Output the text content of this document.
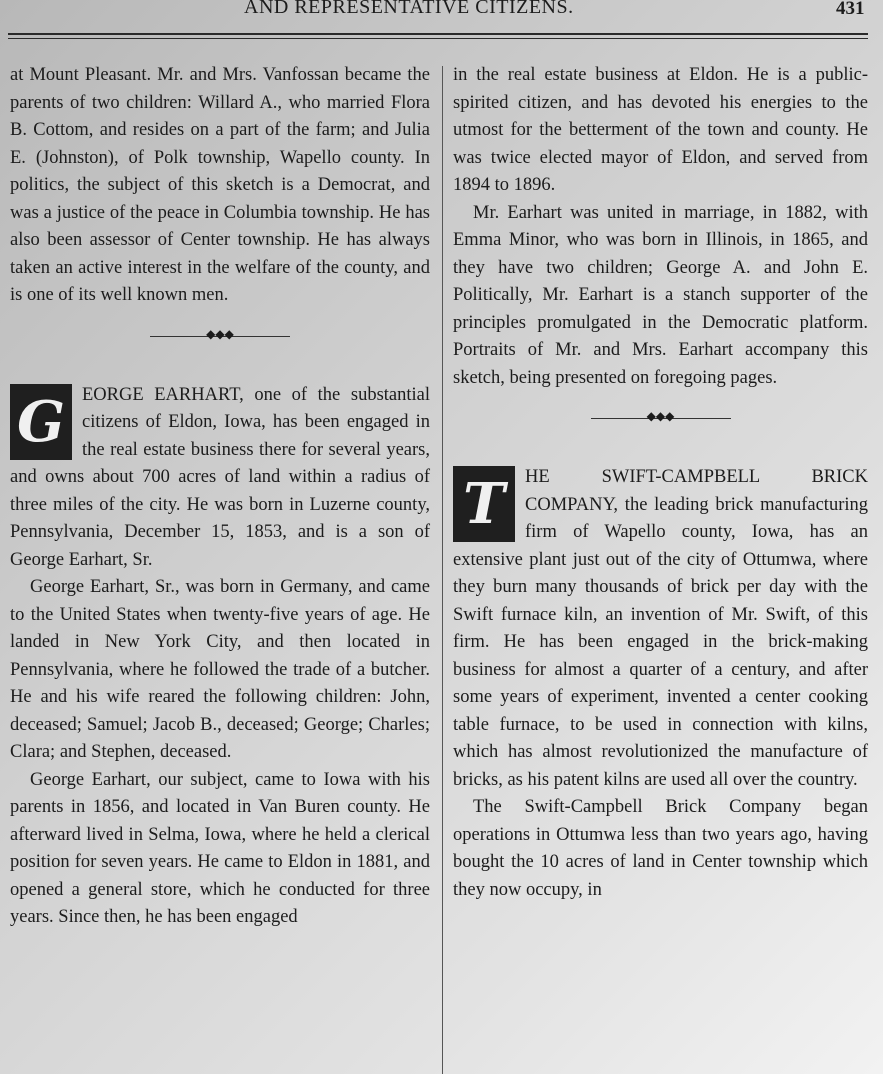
AND REPRESENTATIVE CITIZENS.	431

at Mount Pleasant. Mr. and Mrs. Vanfossan became the parents of two children: Willard A., who married Flora B. Cottom, and resides on a part of the farm; and Julia E. (Johnston), of Polk township, Wapello county. In politics, the subject of this sketch is a Democrat, and was a justice of the peace in Columbia township. He has also been assessor of Center township. He has always taken an active interest in the welfare of the county, and is one of its well known men.

◆◆◆
G EORGE EARHART, one of the substantial citizens of Eldon, Iowa, has been engaged in the real estate business there for several years, and owns about 700 acres of land within a radius of three miles of the city. He was born in Luzerne county, Pennsylvania, December 15, 1853, and is a son of George Earhart, Sr.

George Earhart, Sr., was born in Germany, and came to the United States when twenty-five years of age. He landed in New York City, and then located in Pennsylvania, where he followed the trade of a butcher. He and his wife reared the following children: John, deceased; Samuel; Jacob B., deceased; George; Charles; Clara; and Stephen, deceased.

George Earhart, our subject, came to Iowa with his parents in 1856, and located in Van Buren county. He afterward lived in Selma, Iowa, where he held a clerical position for seven years. He came to Eldon in 1881, and opened a general store, which he conducted for three years. Since then, he has been engaged

in the real estate business at Eldon. He is a public-spirited citizen, and has devoted his energies to the utmost for the betterment of the town and county. He was twice elected mayor of Eldon, and served from 1894 to 1896.

Mr. Earhart was united in marriage, in 1882, with Emma Minor, who was born in Illinois, in 1865, and they have two children; George A. and John E. Politically, Mr. Earhart is a stanch supporter of the principles promulgated in the Democratic platform. Portraits of Mr. and Mrs. Earhart accompany this sketch, being presented on foregoing pages.

◆◆◆
T	HE SWIFT-CAMPBELL BRICK COMPANY, the leading brick manufacturing firm of Wapello county, Iowa, has an extensive plant just out of the city of Ottumwa, where they burn many thousands of brick per day with the Swift furnace kiln, an invention of Mr. Swift, of this firm. He has been engaged in the brick-making business for almost a quarter of a century, and after some years of experiment, invented a center cooking table furnace, to be used in connection with kilns, which has almost revolutionized the manufacture of bricks, as his patent kilns are used all over the country.

The Swift-Campbell Brick Company began operations in Ottumwa less than two years ago, having bought the 10 acres of land in Center township which they now occupy, in
